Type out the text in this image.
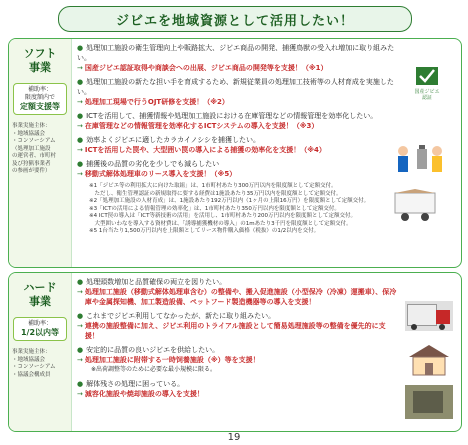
ジビエを地域資源として活用したい！
ソフト
事業
補助率：
限度額内で
定額支援等
事業実施主体：
・地域協議会
・コンソーシアム
（処理加工施設
の運営者、市町村
及び狩猟事業者
の参画が要件）
● 処理加工施設の衛生管理向上や販路拡大、ジビエ商品の開発、捕獲鳥獣の受入れ増加に取り組みたい。
→ 国産ジビエ認証取得や商談会への出展、ジビエ商品の開発等を支援！（※1）
● 処理加工施設の新たな担い手を育成するため、新規従業員の処理加工技術等の人材育成を実施したい。
→ 処理加工現場で行うOJT研修を支援！（※2）
● ICTを活用して、捕獲情報や処理加工施設における在庫管理などの情報管理を効率化したい。
→ 在庫管理などの情報管理を効率化するICTシステムの導入を支援！（※3）
● 効率よくジビエに適したカラカイノシシを捕獲したい。
→ ICTを活用した罠や、大型囲い罠の導入による捕獲の効率化を支援！（※4）
● 捕獲後の品質の劣化を少しでも減らしたい
→ 移動式解体処理車のリース導入を支援！（※5）
※1「ジビエ等の利用拡大に向けた取組」は、1市町村あたり300万円以内を限度額として定額交付。
　ただし、衛生管理認証の新規取得に要する経費は1施設あたり35万円以内を限度額として定額交付。
※2「処理加工施設の人材育成」は、1施設あたり192万円以内（1ヶ月の上限16万円）を限度額として定額交付。
※3「ICTの活用による情報管理の効率化」は、1市町村あたり350万円以内を限度額として定額交付。
※4 ICT罠の導入は「ICT等新技術の活用」を活用し、1市町村あたり200万円以内を限度額として定額交付。
　大型囲いわなを導入する資材費は、「誘導捕獲機材の導入」の1mあたり3千円を限度額として定額交付。
※5 1台当たり1,500万円以内を上限額としてリース物件購入価格（税抜）の1/2以内を交付。
国産ジビエ
認証
ハード
事業
補助率：
1/2以内等
事業実施主体：
・地域協議会
・コンソーシアム
・協議会構成員
● 処理頭数増加と品質確保の両立を図りたい。
→ 処理加工施設（移動式解体処理車含む）の整備や、搬入促進施設（小型保冷（冷凍）運搬車）、保冷庫や金属探知機、加工製造設備、ペットフード製造機器等の導入を支援！
● これまでジビエ利用してなかったが、新たに取り組みたい。
→ 連携の施設整備に加え、ジビエ利用のトライアル施設として簡易処理施設等の整備を優先的に支援！
● 安定的に品質の良いジビエを供給したい。
→ 処理加工施設に附帯する一時饲養施設（※）等を支援！
※出荷調整等のために必要な最小規模に限る。
● 解体残さの処理に困っている。
→ 減容化施設や焼却施設の導入を支援！
19
